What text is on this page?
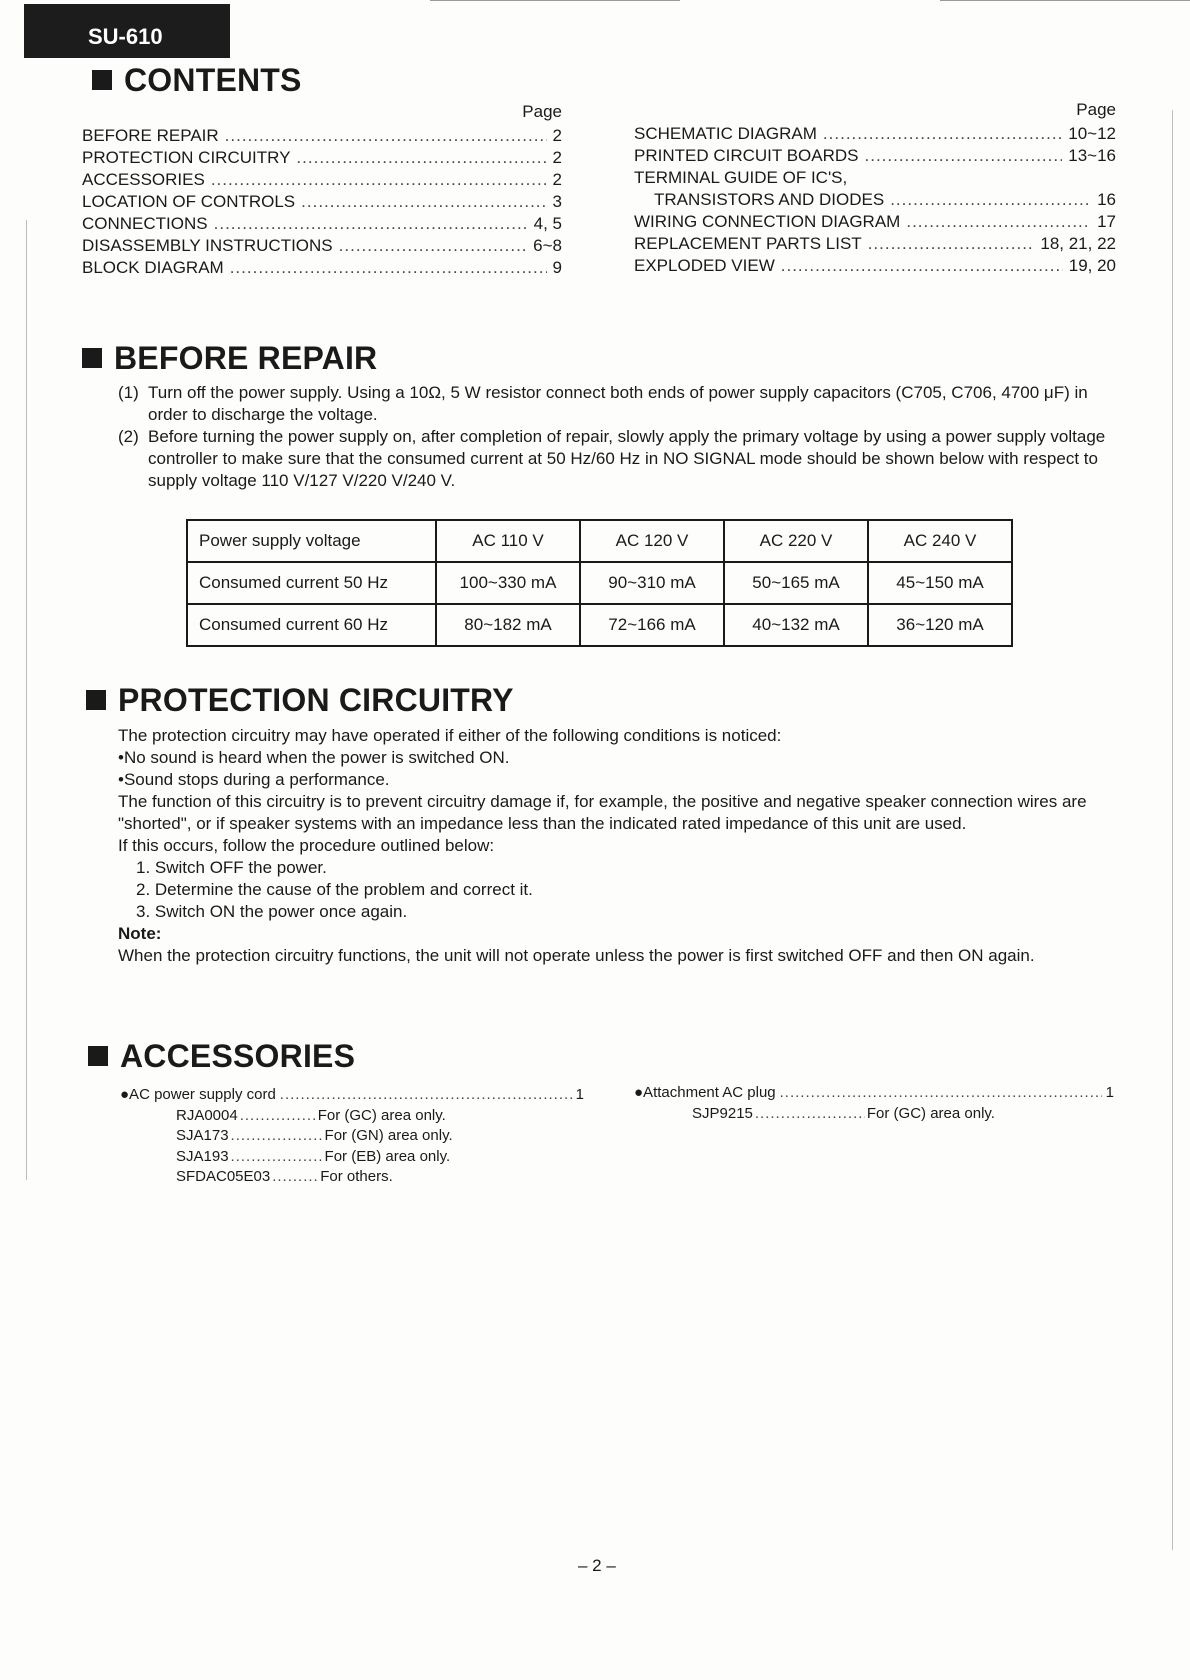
SU-610
CONTENTS
Page
BEFORE REPAIR .....	2
PROTECTION CIRCUITRY .....	2
ACCESSORIES .....	2
LOCATION OF CONTROLS .....	3
CONNECTIONS .....	4, 5
DISASSEMBLY INSTRUCTIONS .....	6~8
BLOCK DIAGRAM .....	9
Page
SCHEMATIC DIAGRAM .....	10~12
PRINTED CIRCUIT BOARDS .....	13~16
TERMINAL GUIDE OF IC'S,
TRANSISTORS AND DIODES .....	16
WIRING CONNECTION DIAGRAM .....	17
REPLACEMENT PARTS LIST .....	18, 21, 22
EXPLODED VIEW .....	19, 20
BEFORE REPAIR
(1) Turn off the power supply. Using a 10Ω, 5 W resistor connect both ends of power supply capacitors (C705, C706, 4700 μF) in order to discharge the voltage.
(2) Before turning the power supply on, after completion of repair, slowly apply the primary voltage by using a power supply voltage controller to make sure that the consumed current at 50 Hz/60 Hz in NO SIGNAL mode should be shown below with respect to supply voltage 110 V/127 V/220 V/240 V.
Power supply voltage	AC 110 V	AC 120 V	AC 220 V	AC 240 V
Consumed current 50 Hz	100~330 mA	90~310 mA	50~165 mA	45~150 mA
Consumed current 60 Hz	80~182 mA	72~166 mA	40~132 mA	36~120 mA
PROTECTION CIRCUITRY
The protection circuitry may have operated if either of the following conditions is noticed:
•No sound is heard when the power is switched ON.
•Sound stops during a performance.
The function of this circuitry is to prevent circuitry damage if, for example, the positive and negative speaker connection wires are "shorted", or if speaker systems with an impedance less than the indicated rated impedance of this unit are used.
If this occurs, follow the procedure outlined below:
1. Switch OFF the power.
2. Determine the cause of the problem and correct it.
3. Switch ON the power once again.
Note:
When the protection circuitry functions, the unit will not operate unless the power is first switched OFF and then ON again.
ACCESSORIES
●AC power supply cord .....	1
RJA0004 .....	For (GC) area only.
SJA173 .....	For (GN) area only.
SJA193 .....	For (EB) area only.
SFDAC05E03 .....	For others.
●Attachment AC plug .....	1
SJP9215 .....	For (GC) area only.
– 2 –
